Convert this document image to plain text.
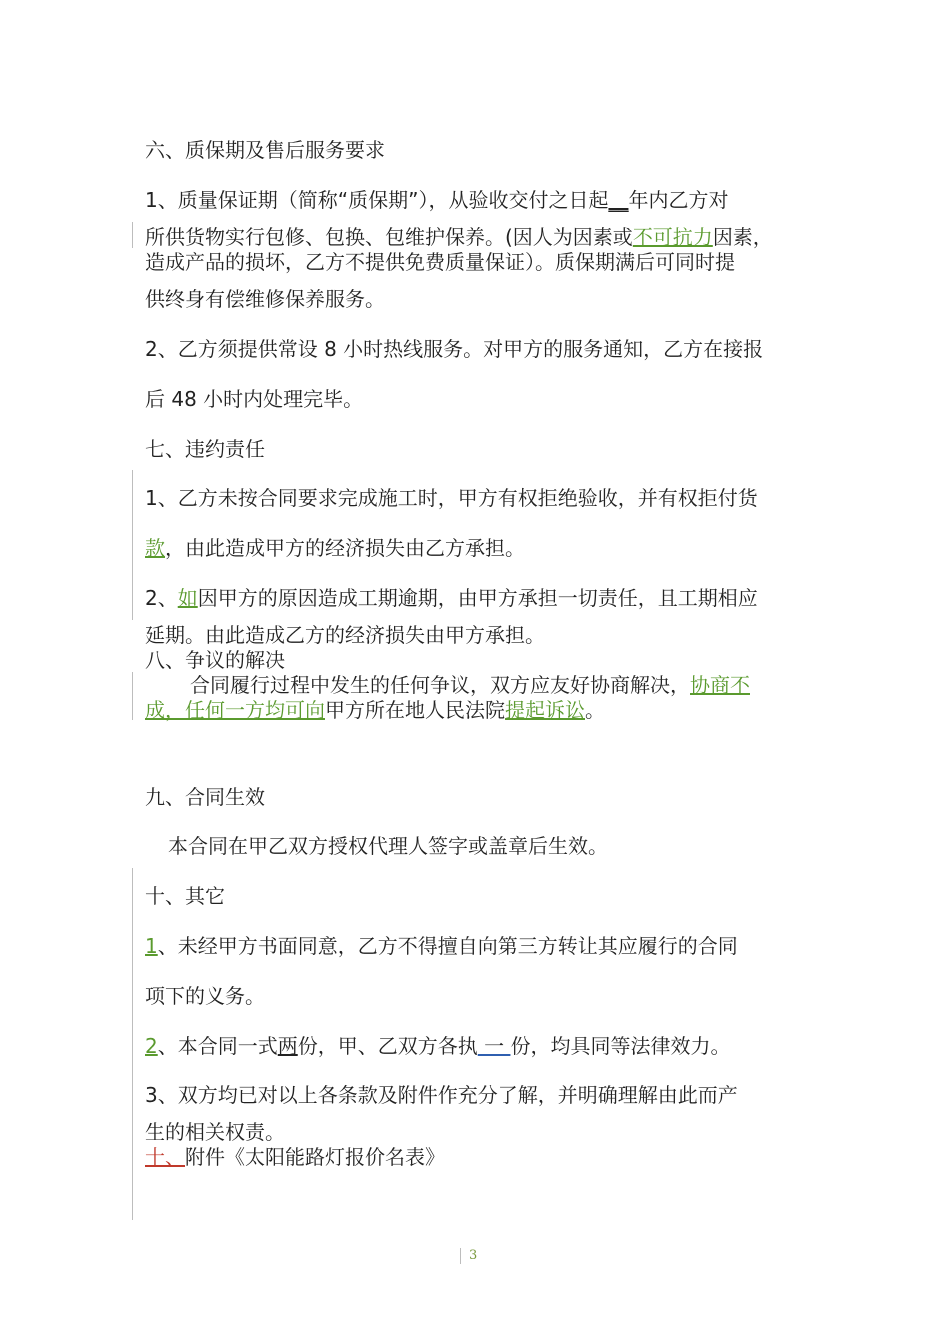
六、质保期及售后服务要求
1、质量保证期（简称“质保期”），从验收交付之日起__年内乙方对
所供货物实行包修、包换、包维护保养。(因人为因素或不可抗力因素，
造成产品的损坏，乙方不提供免费质量保证）。质保期满后可同时提
供终身有偿维修保养服务。
2、乙方须提供常设 8 小时热线服务。对甲方的服务通知，乙方在接报
后 48 小时内处理完毕。
七、违约责任
1、乙方未按合同要求完成施工时，甲方有权拒绝验收，并有权拒付货
款，由此造成甲方的经济损失由乙方承担。
2、如因甲方的原因造成工期逾期，由甲方承担一切责任，且工期相应
延期。由此造成乙方的经济损失由甲方承担。
八、争议的解决
合同履行过程中发生的任何争议，双方应友好协商解决，协商不
成，任何一方均可向甲方所在地人民法院提起诉讼。
九、合同生效
本合同在甲乙双方授权代理人签字或盖章后生效。
十、其它
1、未经甲方书面同意，乙方不得擅自向第三方转让其应履行的合同
项下的义务。
2、本合同一式两份，甲、乙双方各执 一 份，均具同等法律效力。
3、双方均已对以上各条款及附件作充分了解，并明确理解由此而产
生的相关权责。
十、附件《太阳能路灯报价名表》
3
